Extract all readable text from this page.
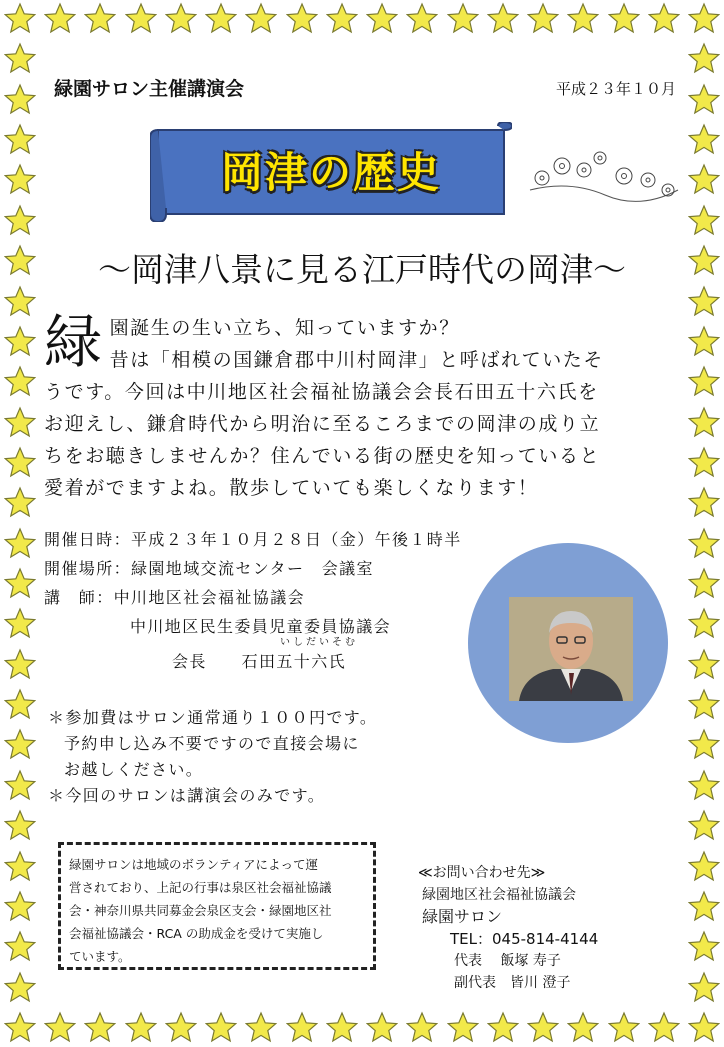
緑園サロン主催講演会	平成２３年１０月
岡津の歴史
〜岡津八景に見る江戸時代の岡津〜
緑 園誕生の生い立ち、知っていますか？

昔は「相模の国鎌倉郡中川村岡津」と呼ばれていたそ

うです。今回は中川地区社会福祉協議会会長石田五十六氏を

お迎えし、鎌倉時代から明治に至るころまでの岡津の成り立

ちをお聴きしませんか？住んでいる街の歴史を知っていると

愛着がでますよね。散歩していても楽しくなります！

開催日時：平成２３年１０月２８日（金）午後１時半
開催場所：緑園地域交流センター　会議室
講　師：中川地区社会福祉協議会
中川地区民生委員児童委員協議会
会長　　石田五十六氏
いしだいそむ
＊参加費はサロン通常通り１００円です。
予約申し込み不要ですので直接会場に
お越しください。
＊今回のサロンは講演会のみです。
緑園サロンは地域のボランティアによって運
営されており、上記の行事は泉区社会福祉協議
会・神奈川県共同募金会泉区支会・緑園地区社
会福祉協議会・RCA の助成金を受けて実施し
ています。
≪お問い合わせ先≫
緑園地区社会福祉協議会
緑園サロン
TEL：045-814-4144
代表　 飯塚 寿子
副代表　皆川 澄子
